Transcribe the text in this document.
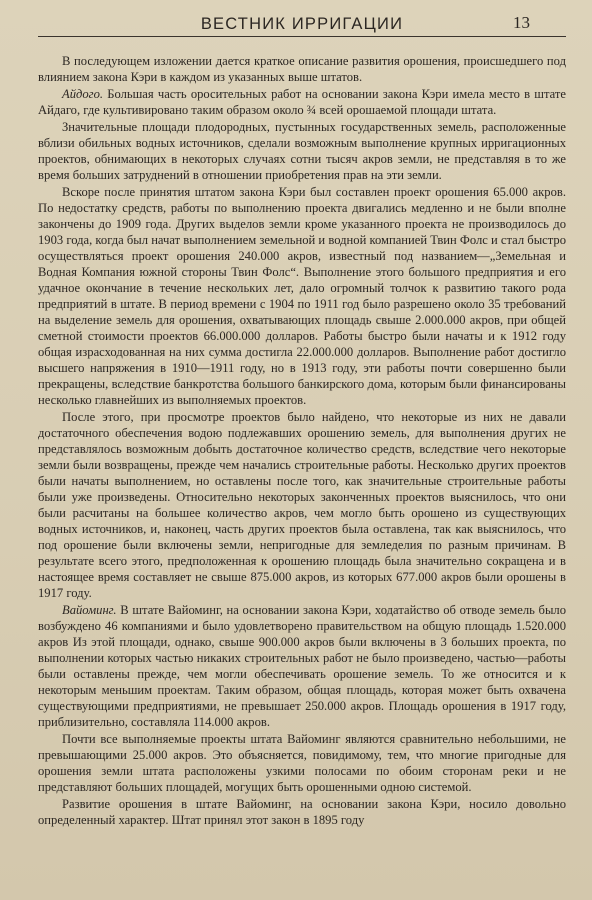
ВЕСТНИК ИРРИГАЦИИ	13

В последующем изложении дается краткое описание развития орошения, происшедшего под влиянием закона Кэри в каждом из указанных выше штатов.

Айдого. Большая часть оросительных работ на основании закона Кэри имела место в штате Айдаго, где культивировано таким образом около ¾ всей орошаемой площади штата.

Значительные площади плодородных, пустынных государственных земель, расположенные вблизи обильных водных источников, сделали возможным выполнение крупных ирригационных проектов, обнимающих в некоторых случаях сотни тысяч акров земли, не представляя в то же время больших затруднений в отношении приобретения прав на эти земли.

Вскоре после принятия штатом закона Кэри был составлен проект орошения 65.000 акров. По недостатку средств, работы по выполнению проекта двигались медленно и не были вполне закончены до 1909 года. Других выделов земли кроме указанного проекта не производилось до 1903 года, когда был начат выполнением земельной и водной компанией Твин Фолс и стал быстро осуществляться проект орошения 240.000 акров, известный под названием—„Земельная и Водная Компания южной стороны Твин Фолс“. Выполнение этого большого предприятия и его удачное окончание в течение нескольких лет, дало огромный толчок к развитию такого рода предприятий в штате. В период времени с 1904 по 1911 год было разрешено около 35 требований на выделение земель для орошения, охватывающих площадь свыше 2.000.000 акров, при общей сметной стоимости проектов 66.000.000 долларов. Работы быстро были начаты и к 1912 году общая израсходованная на них сумма достигла 22.000.000 долларов. Выполнение работ достигло высшего напряжения в 1910—1911 году, но в 1913 году, эти работы почти совершенно были прекращены, вследствие банкротства большого банкирского дома, которым были финансированы несколько главнейших из выполняемых проектов.

После этого, при просмотре проектов было найдено, что некоторые из них не давали достаточного обеспечения водою подлежавших орошению земель, для выполнения других не представлялось возможным добыть достаточное количество средств, вследствие чего некоторые земли были возвращены, прежде чем начались строительные работы. Несколько других проектов были начаты выполнением, но оставлены после того, как значительные строительные работы были уже произведены. Относительно некоторых законченных проектов выяснилось, что они были расчитаны на большее количество акров, чем могло быть орошено из существующих водных источников, и, наконец, часть других проектов была оставлена, так как выяснилось, что под орошение были включены земли, непригодные для земледелия по разным причинам. В результате всего этого, предположенная к орошению площадь была значительно сокращена и в настоящее время составляет не свыше 875.000 акров, из которых 677.000 акров были орошены в 1917 году.

Вайоминг. В штате Вайоминг, на основании закона Кэри, ходатайство об отводе земель было возбуждено 46 компаниями и было удовлетворено правительством на общую площадь 1.520.000 акров Из этой площади, однако, свыше 900.000 акров были включены в 3 больших проекта, по выполнении которых частью никаких строительных работ не было произведено, частью—работы были оставлены прежде, чем могли обеспечивать орошение земель. То же относится и к некоторым меньшим проектам. Таким образом, общая площадь, которая может быть охвачена существующими предприятиями, не превышает 250.000 акров. Площадь орошения в 1917 году, приблизительно, составляла 114.000 акров.

Почти все выполняемые проекты штата Вайоминг являются сравнительно небольшими, не превышающими 25.000 акров. Это объясняется, повидимому, тем, что многие пригодные для орошения земли штата расположены узкими полосами по обоим сторонам реки и не представляют больших площадей, могущих быть орошенными одною системой.

Развитие орошения в штате Вайоминг, на основании закона Кэри, носило довольно определенный характер. Штат принял этот закон в 1895 году
